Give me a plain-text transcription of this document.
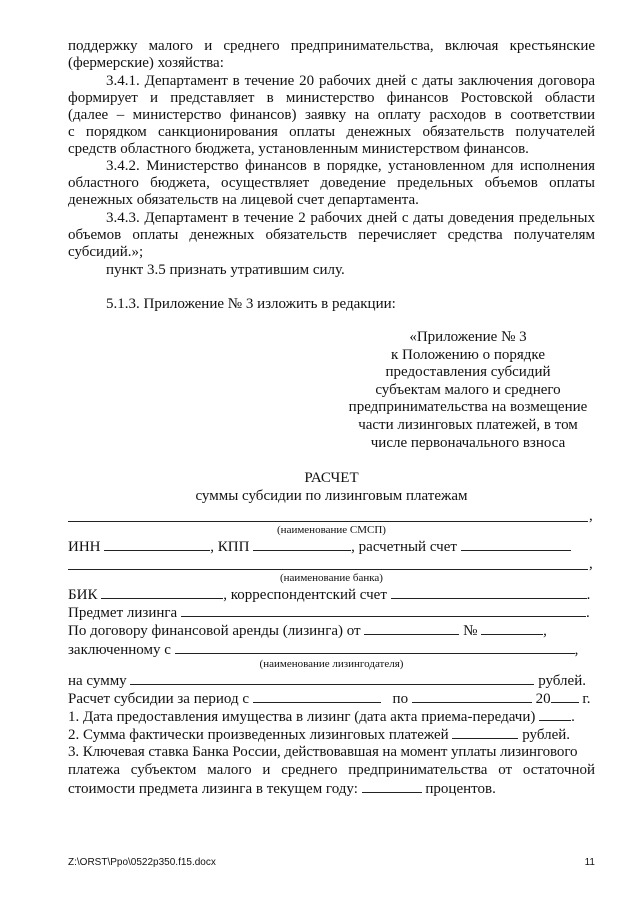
поддержку малого и среднего предпринимательства, включая крестьянские
(фермерские) хозяйства:
3.4.1. Департамент в течение 20 рабочих дней с даты заключения договора
формирует и представляет в министерство финансов Ростовской области
(далее – министерство финансов) заявку на оплату расходов в соответствии
с порядком санкционирования оплаты денежных обязательств получателей
средств областного бюджета, установленным министерством финансов.
3.4.2. Министерство финансов в порядке, установленном для исполнения
областного бюджета, осуществляет доведение предельных объемов оплаты
денежных обязательств на лицевой счет департамента.
3.4.3. Департамент в течение 2 рабочих дней с даты доведения предельных
объемов оплаты денежных обязательств перечисляет средства получателям
субсидий.»;
пункт 3.5 признать утратившим силу.
5.1.3. Приложение № 3 изложить в редакции:
«Приложение № 3
к Положению о порядке
предоставления субсидий
субъектам малого и среднего
предпринимательства на возмещение
части лизинговых платежей, в том
числе первоначального взноса
РАСЧЕТ
суммы субсидии по лизинговым платежам
,
(наименование СМСП)
ИНН	, КПП	, расчетный счет
,
(наименование банка)
БИК	, корреспондентский счет	.
Предмет лизинга	.
По договору финансовой аренды (лизинга) от	№	,
заключенному с	,
(наименование лизингодателя)
на сумму	рублей.
Расчет субсидии за период с	по	20 г.
1. Дата предоставления имущества в лизинг (дата акта приема-передачи) .
2. Сумма фактически произведенных лизинговых платежей	рублей.
3. Ключевая ставка Банка России, действовавшая на момент уплаты лизингового
платежа субъектом малого и среднего предпринимательства от остаточной
стоимости предмета лизинга в текущем году:	процентов.
Z:\ORST\Ppo\0522p350.f15.docx	11
